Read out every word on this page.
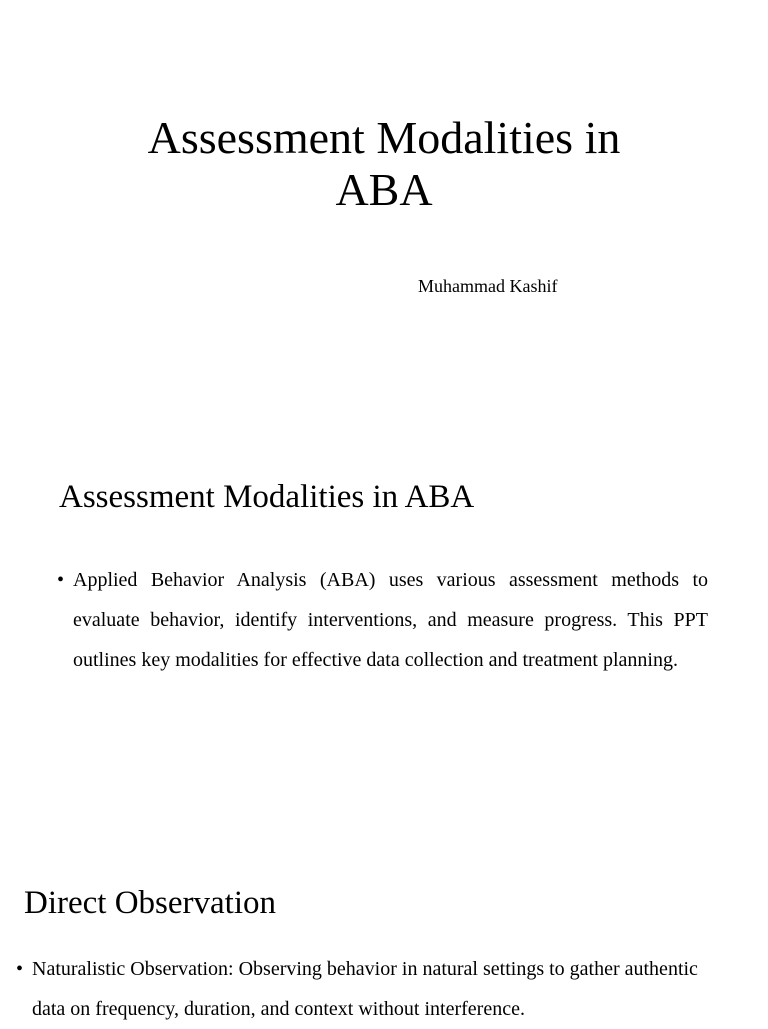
Assessment Modalities in
ABA

Muhammad Kashif

Assessment Modalities in ABA
• Applied Behavior Analysis (ABA) uses various assessment methods to evaluate behavior, identify interventions, and measure progress. This PPT outlines key modalities for effective data collection and treatment planning.
Direct Observation
• Naturalistic Observation: Observing behavior in natural settings to gather authentic data on frequency, duration, and context without interference.
